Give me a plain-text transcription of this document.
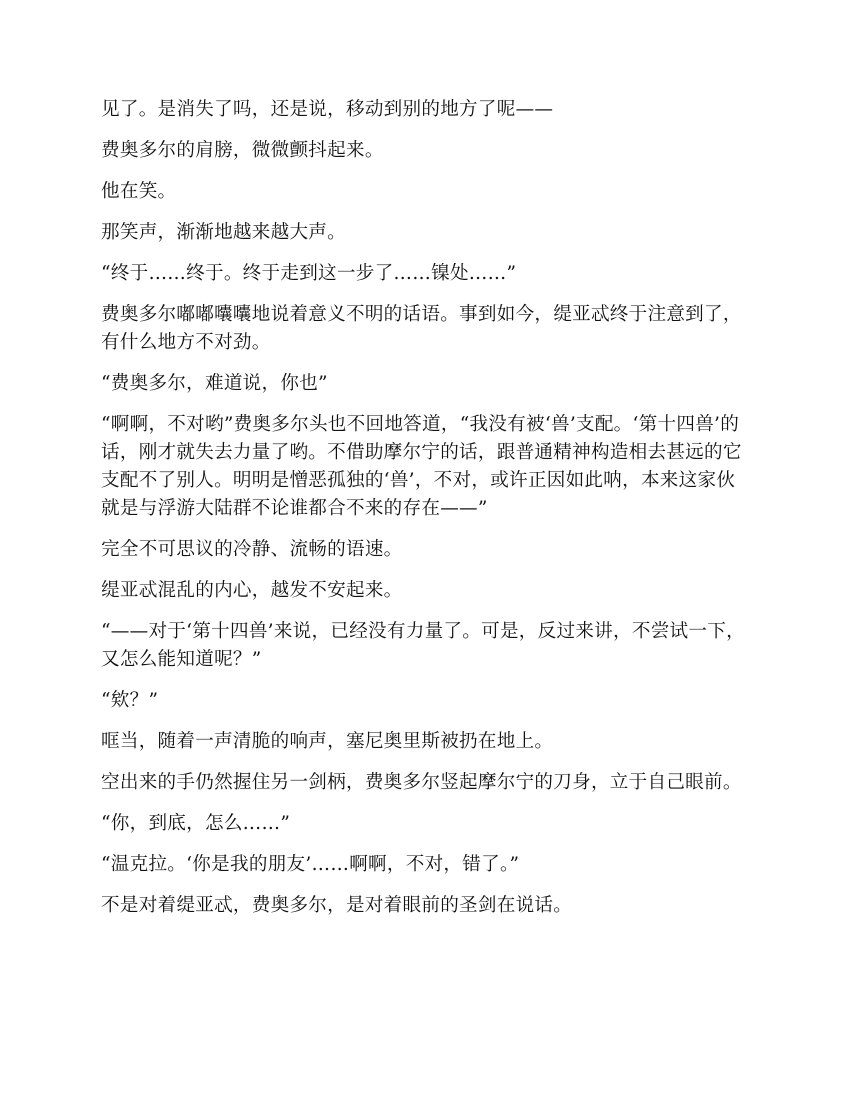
见了。是消失了吗，还是说，移动到别的地方了呢——

费奥多尔的肩膀，微微颤抖起来。

他在笑。

那笑声，渐渐地越来越大声。

“终于……终于。终于走到这一步了……镍处……”

费奥多尔嘟嘟囔囔地说着意义不明的话语。事到如今，缇亚忒终于注意到了，有什么地方不对劲。

“费奥多尔，难道说，你也”

“啊啊，不对哟”费奥多尔头也不回地答道，“我没有被‘兽’支配。‘第十四兽’的话，刚才就失去力量了哟。不借助摩尔宁的话，跟普通精神构造相去甚远的它支配不了别人。明明是憎恶孤独的‘兽’，不对，或许正因如此呐，本来这家伙就是与浮游大陆群不论谁都合不来的存在——”

完全不可思议的冷静、流畅的语速。

缇亚忒混乱的内心，越发不安起来。

“——对于‘第十四兽’来说，已经没有力量了。可是，反过来讲，不尝试一下，又怎么能知道呢？”

“欸？”

哐当，随着一声清脆的响声，塞尼奥里斯被扔在地上。

空出来的手仍然握住另一剑柄，费奥多尔竖起摩尔宁的刀身，立于自己眼前。

“你，到底，怎么……”

“温克拉。‘你是我的朋友’……啊啊，不对，错了。”

不是对着缇亚忒，费奥多尔，是对着眼前的圣剑在说话。
